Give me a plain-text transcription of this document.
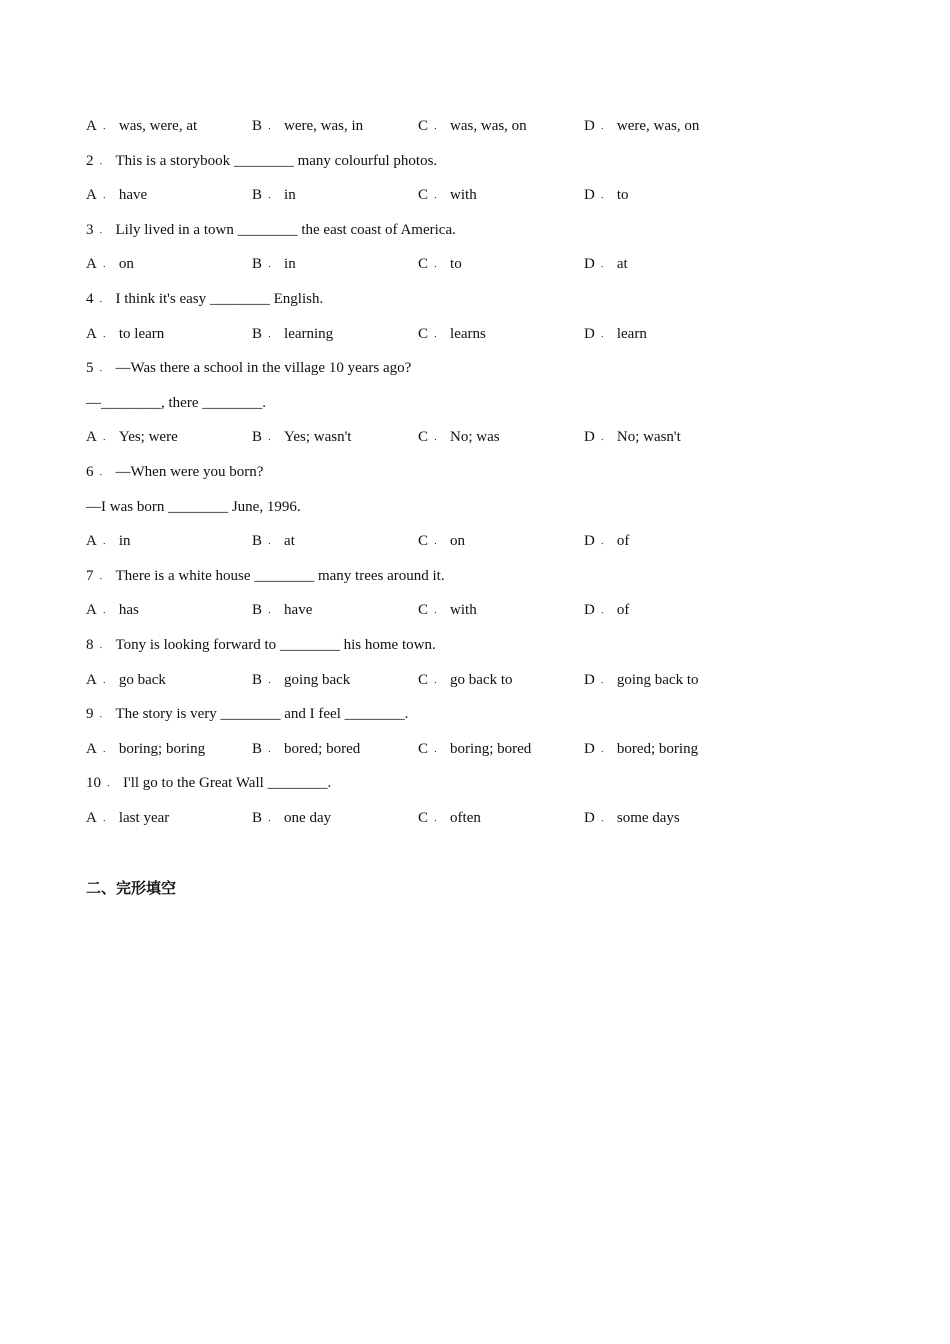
A ． was, were, at	B ． were, was, in	C ． was, was, on	D ． were, was, on
2 ． This is a storybook ________ many colourful photos.
A ． have	B ． in	C ． with	D ． to
3 ． Lily lived in a town ________ the east coast of America.
A ． on	B ． in	C ． to	D ． at
4 ． I think it's easy ________ English.
A ． to learn	B ． learning	C ． learns	D ． learn
5 ． —Was there a school in the village 10 years ago?
—________, there ________.
A ． Yes; were	B ． Yes; wasn't	C ． No; was	D ． No; wasn't
6 ． —When were you born?
—I was born ________ June, 1996.
A ． in	B ． at	C ． on	D ． of
7 ． There is a white house ________ many trees around it.
A ． has	B ． have	C ． with	D ． of
8 ． Tony is looking forward to ________ his home town.
A ． go back	B ． going back	C ． go back to	D ． going back to
9 ． The story is very ________ and I feel ________.
A ． boring; boring	B ． bored; bored	C ． boring; bored	D ． bored; boring
10 ． I'll go to the Great Wall ________.
A ． last year	B ． one day	C ． often	D ． some days
二、完形填空
